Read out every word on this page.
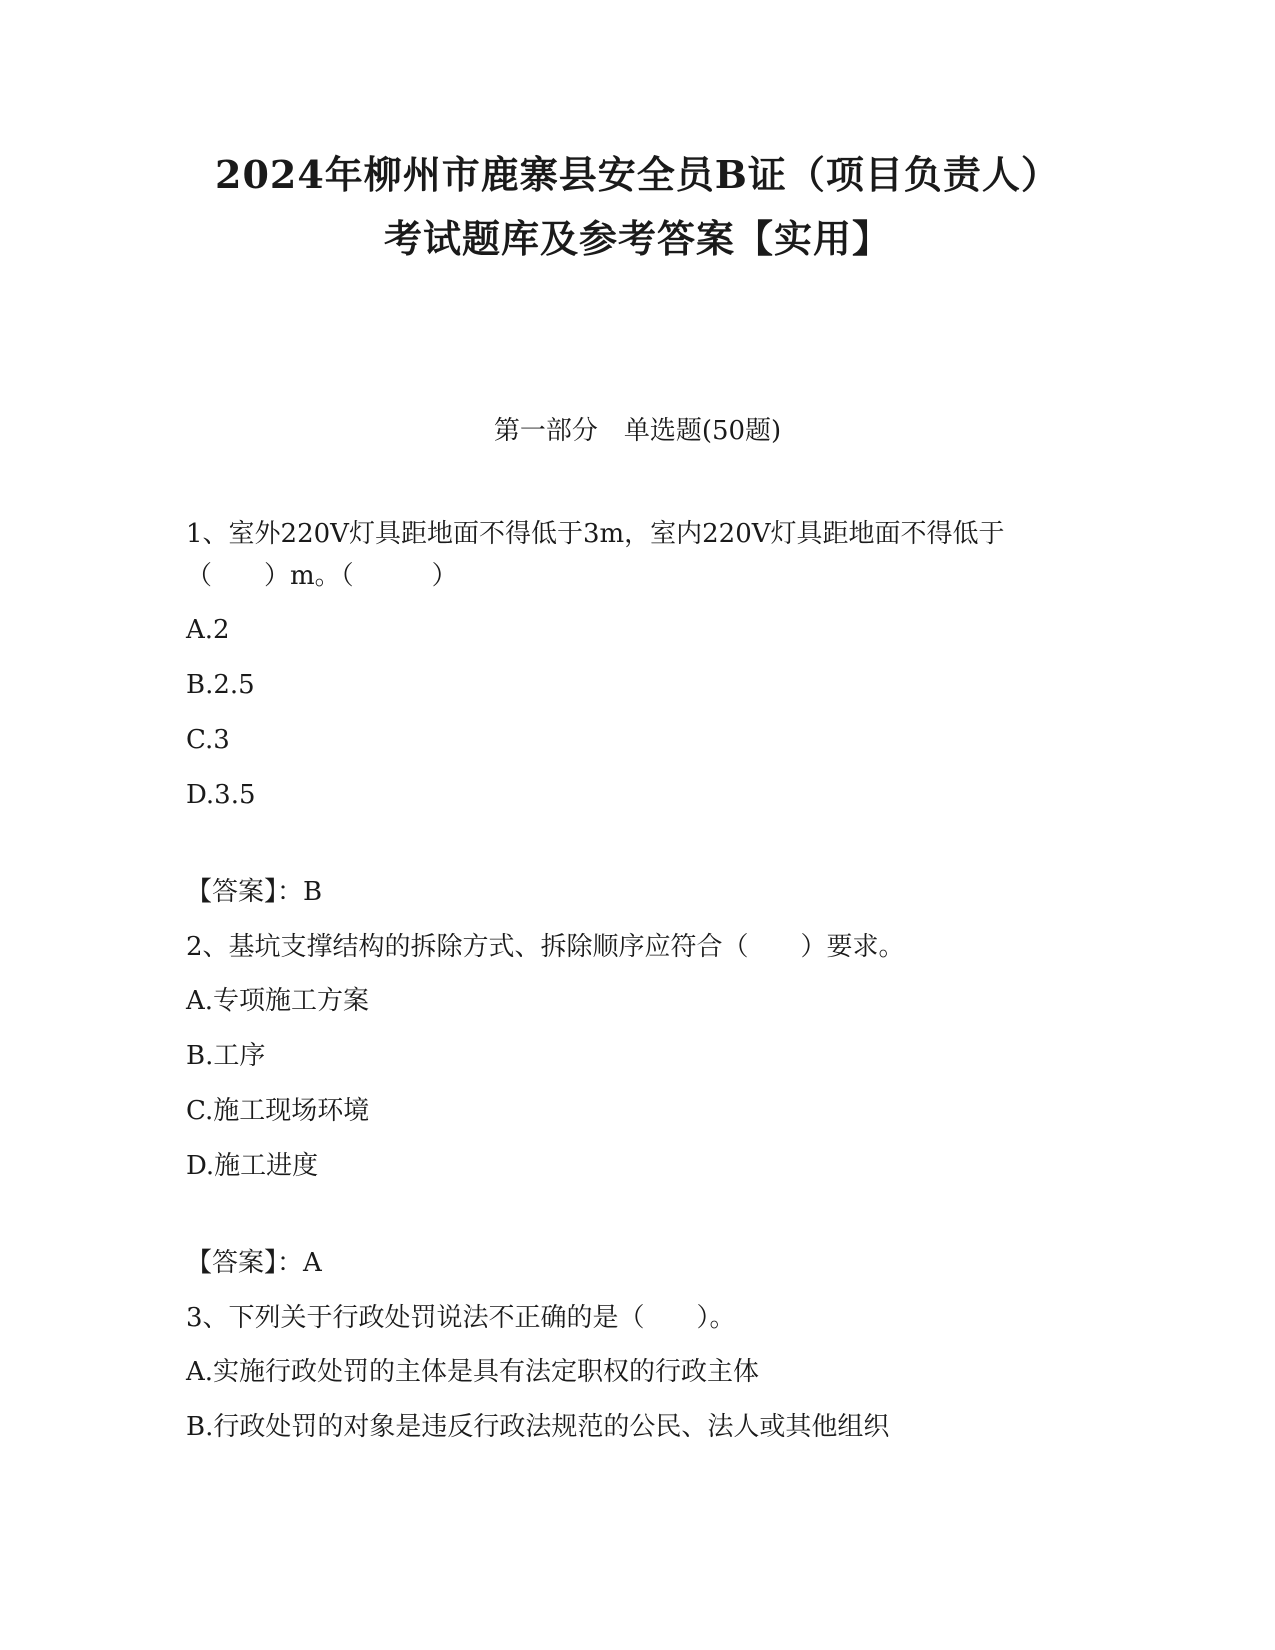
2024年柳州市鹿寨县安全员B证（项目负责人）
考试题库及参考答案【实用】
第一部分　单选题(50题)
1、室外220V灯具距地面不得低于3m，室内220V灯具距地面不得低于
（　　）m。（　　　）
A.2
B.2.5
C.3
D.3.5
【答案】：B
2、基坑支撑结构的拆除方式、拆除顺序应符合（　　）要求。
A.专项施工方案
B.工序
C.施工现场环境
D.施工进度
【答案】：A
3、下列关于行政处罚说法不正确的是（　　）。
A.实施行政处罚的主体是具有法定职权的行政主体
B.行政处罚的对象是违反行政法规范的公民、法人或其他组织
